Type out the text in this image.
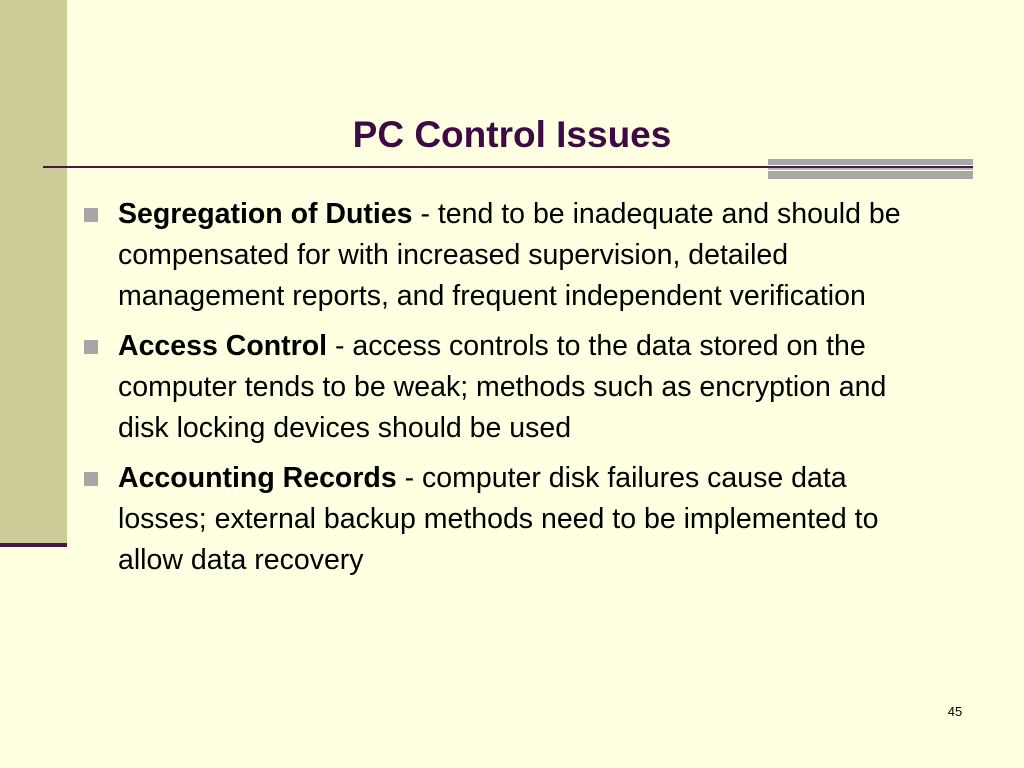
PC Control Issues
Segregation of Duties - tend to be inadequate and should be compensated for with increased supervision, detailed management reports, and frequent independent verification
Access Control - access controls to the data stored on the computer tends to be weak; methods such as encryption and disk locking devices should be used
Accounting Records - computer disk failures cause data losses; external backup methods need to be implemented to allow data recovery
45
